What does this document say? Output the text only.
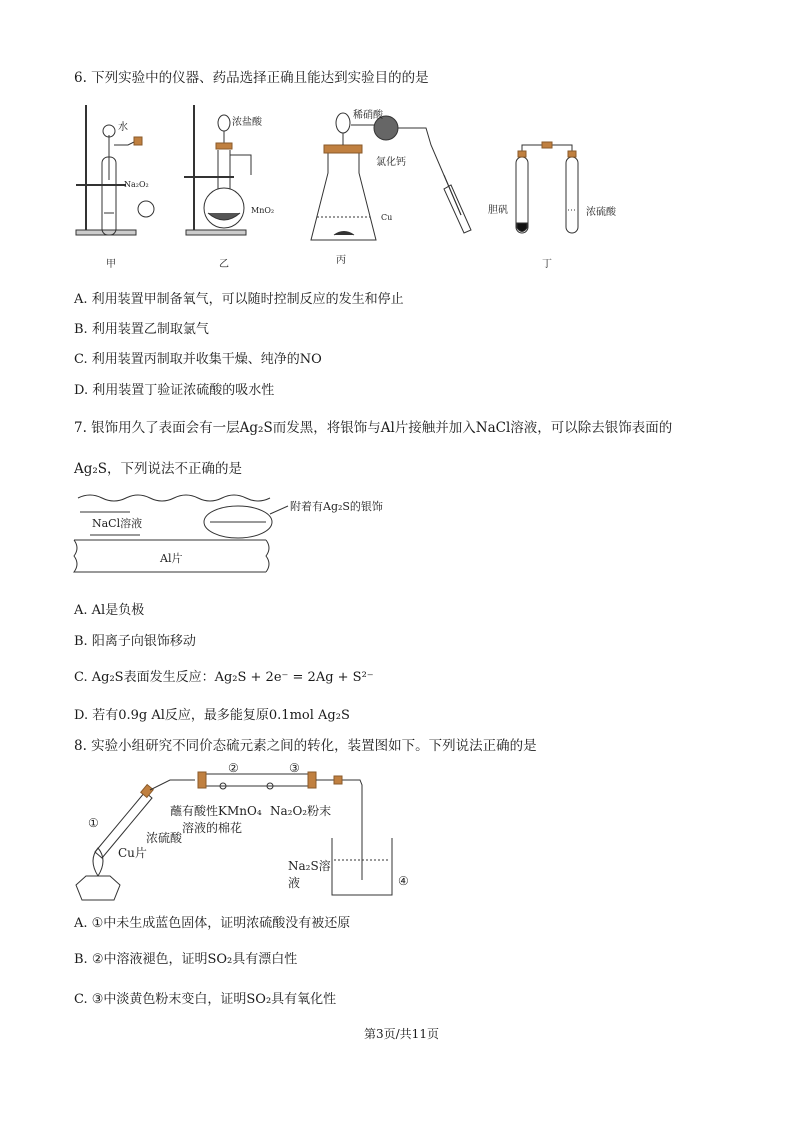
6. 下列实验中的仪器、药品选择正确且能达到实验目的的是
水
Na₂O₂
甲
浓盐酸
MnO₂
乙
稀硝酸
氯化钙
Cu
丙
胆矾	浓硫酸
丁
A. 利用装置甲制备氧气，可以随时控制反应的发生和停止
B. 利用装置乙制取氯气
C. 利用装置丙制取并收集干燥、纯净的NO
D. 利用装置丁验证浓硫酸的吸水性
7. 银饰用久了表面会有一层Ag₂S而发黑，将银饰与Al片接触并加入NaCl溶液，可以除去银饰表面的
Ag₂S，下列说法不正确的是
NaCl溶液
附着有Ag₂S的银饰
Al片
A. Al是负极
B. 阳离子向银饰移动
C. Ag₂S表面发生反应：Ag₂S + 2e⁻ = 2Ag + S²⁻
D. 若有0.9g Al反应，最多能复原0.1mol Ag₂S
8. 实验小组研究不同价态硫元素之间的转化，装置图如下。下列说法正确的是
②	③
①
④
蘸有酸性KMnO₄
溶液的棉花
Na₂O₂粉末
浓硫酸
Cu片
Na₂S溶
液
A. ①中未生成蓝色固体，证明浓硫酸没有被还原
B. ②中溶液褪色，证明SO₂具有漂白性
C. ③中淡黄色粉末变白，证明SO₂具有氧化性
第3页/共11页
